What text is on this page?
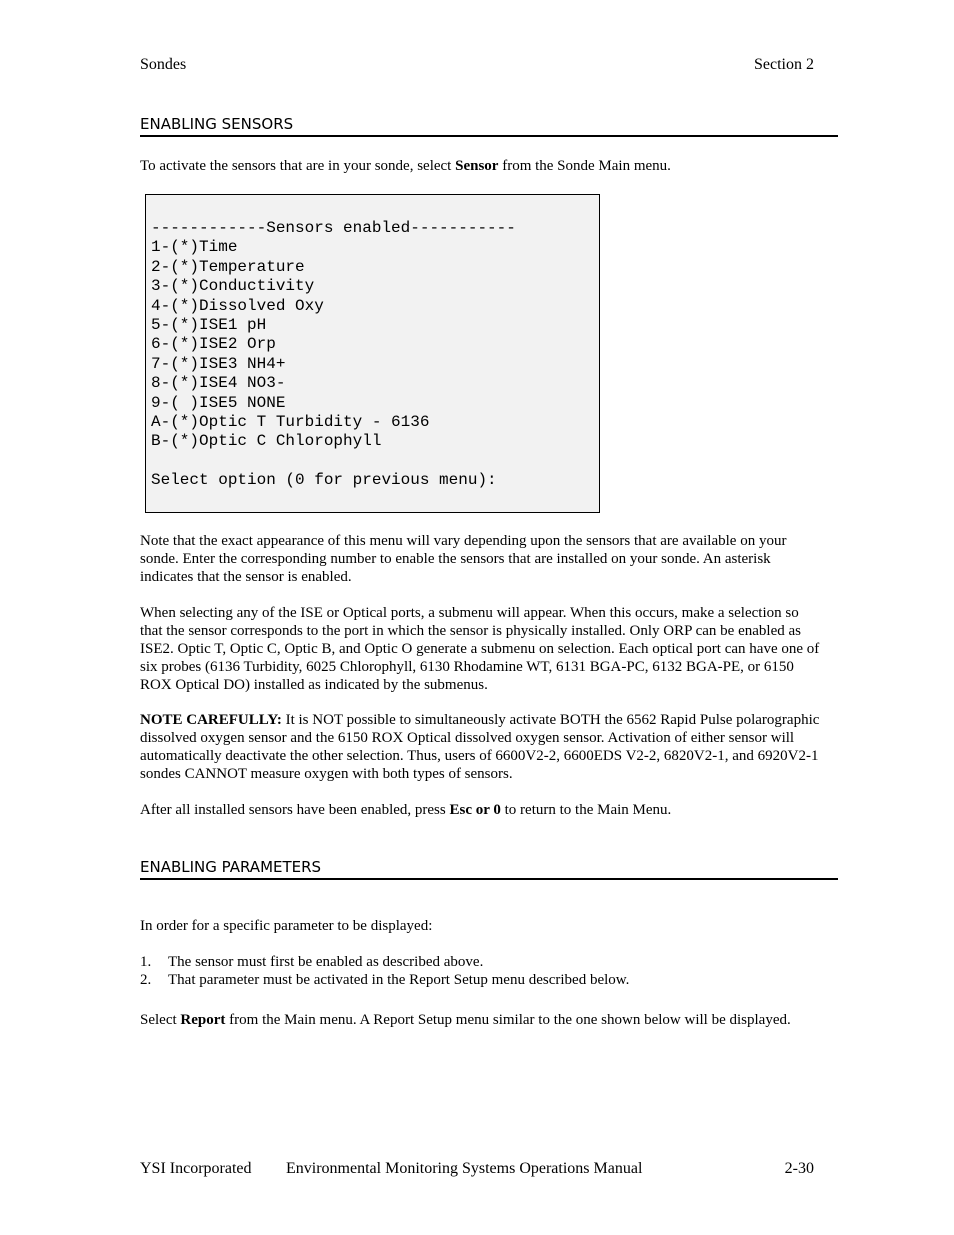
Sondes	Section 2
ENABLING SENSORS

To activate the sensors that are in your sonde, select Sensor from the Sonde Main menu.

------------Sensors enabled-----------
1-(*)Time
2-(*)Temperature
3-(*)Conductivity
4-(*)Dissolved Oxy
5-(*)ISE1 pH
6-(*)ISE2 Orp
7-(*)ISE3 NH4+
8-(*)ISE4 NO3-
9-( )ISE5 NONE
A-(*)Optic T Turbidity - 6136
B-(*)Optic C Chlorophyll

Select option (0 for previous menu):

Note that the exact appearance of this menu will vary depending upon the sensors that are available on your sonde. Enter the corresponding number to enable the sensors that are installed on your sonde. An asterisk indicates that the sensor is enabled.

When selecting any of the ISE or Optical ports, a submenu will appear. When this occurs, make a selection so that the sensor corresponds to the port in which the sensor is physically installed. Only ORP can be enabled as ISE2. Optic T, Optic C, Optic B, and Optic O generate a submenu on selection. Each optical port can have one of six probes (6136 Turbidity, 6025 Chlorophyll, 6130 Rhodamine WT, 6131 BGA-PC, 6132 BGA-PE, or 6150 ROX Optical DO) installed as indicated by the submenus.

NOTE CAREFULLY: It is NOT possible to simultaneously activate BOTH the 6562 Rapid Pulse polarographic dissolved oxygen sensor and the 6150 ROX Optical dissolved oxygen sensor. Activation of either sensor will automatically deactivate the other selection. Thus, users of 6600V2-2, 6600EDS V2-2, 6820V2-1, and 6920V2-1 sondes CANNOT measure oxygen with both types of sensors.

After all installed sensors have been enabled, press Esc or 0 to return to the Main Menu.

ENABLING PARAMETERS

In order for a specific parameter to be displayed:

1.	The sensor must first be enabled as described above.
2.	That parameter must be activated in the Report Setup menu described below.

Select Report from the Main menu. A Report Setup menu similar to the one shown below will be displayed.

YSI Incorporated Environmental Monitoring Systems Operations Manual	2-30
